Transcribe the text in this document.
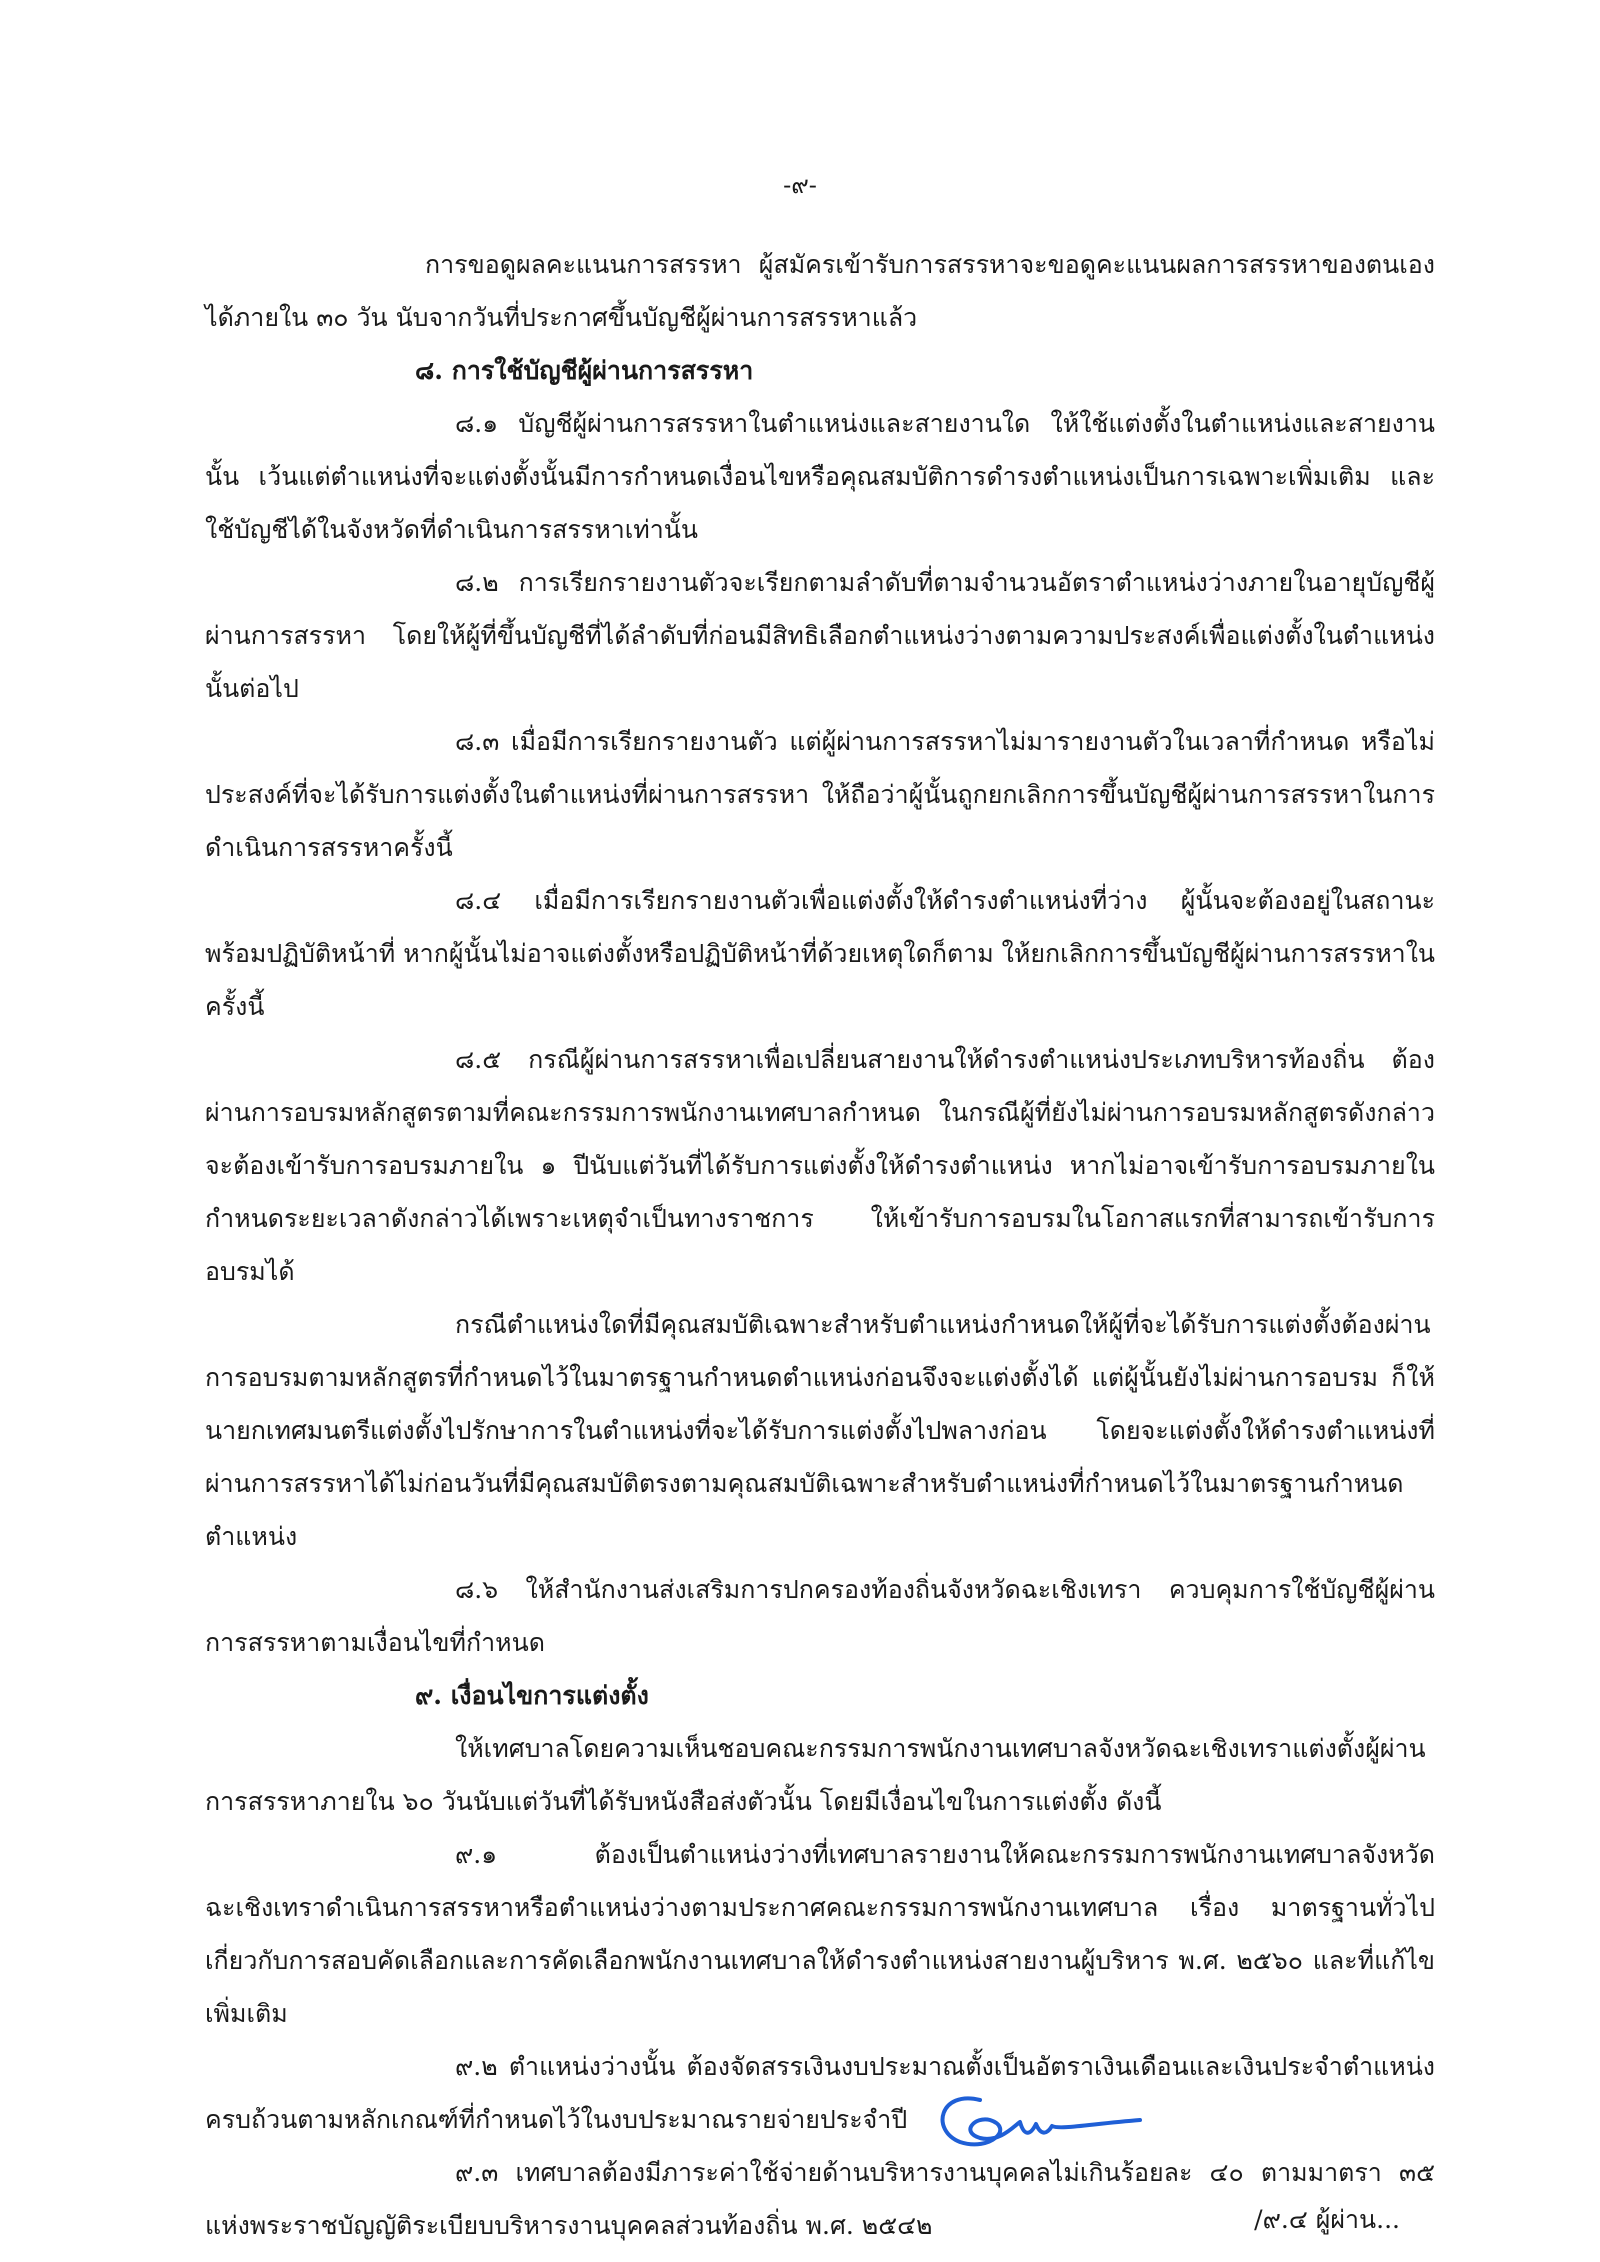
-๙-

การขอดูผลคะแนนการสรรหา ผู้สมัครเข้ารับการสรรหาจะขอดูคะแนนผลการสรรหาของตนเองได้ภายใน ๓๐ วัน นับจากวันที่ประกาศขึ้นบัญชีผู้ผ่านการสรรหาแล้ว

๘. การใช้บัญชีผู้ผ่านการสรรหา

๘.๑ บัญชีผู้ผ่านการสรรหาในตำแหน่งและสายงานใด ให้ใช้แต่งตั้งในตำแหน่งและสายงานนั้น เว้นแต่ตำแหน่งที่จะแต่งตั้งนั้นมีการกำหนดเงื่อนไขหรือคุณสมบัติการดำรงตำแหน่งเป็นการเฉพาะเพิ่มเติม และใช้บัญชีได้ในจังหวัดที่ดำเนินการสรรหาเท่านั้น

๘.๒ การเรียกรายงานตัวจะเรียกตามลำดับที่ตามจำนวนอัตราตำแหน่งว่างภายในอายุบัญชีผู้ผ่านการสรรหา โดยให้ผู้ที่ขึ้นบัญชีที่ได้ลำดับที่ก่อนมีสิทธิเลือกตำแหน่งว่างตามความประสงค์เพื่อแต่งตั้งในตำแหน่งนั้นต่อไป

๘.๓ เมื่อมีการเรียกรายงานตัว แต่ผู้ผ่านการสรรหาไม่มารายงานตัวในเวลาที่กำหนด หรือไม่ประสงค์ที่จะได้รับการแต่งตั้งในตำแหน่งที่ผ่านการสรรหา ให้ถือว่าผู้นั้นถูกยกเลิกการขึ้นบัญชีผู้ผ่านการสรรหาในการดำเนินการสรรหาครั้งนี้

๘.๔ เมื่อมีการเรียกรายงานตัวเพื่อแต่งตั้งให้ดำรงตำแหน่งที่ว่าง ผู้นั้นจะต้องอยู่ในสถานะพร้อมปฏิบัติหน้าที่ หากผู้นั้นไม่อาจแต่งตั้งหรือปฏิบัติหน้าที่ด้วยเหตุใดก็ตาม ให้ยกเลิกการขึ้นบัญชีผู้ผ่านการสรรหาในครั้งนี้

๘.๕ กรณีผู้ผ่านการสรรหาเพื่อเปลี่ยนสายงานให้ดำรงตำแหน่งประเภทบริหารท้องถิ่น ต้องผ่านการอบรมหลักสูตรตามที่คณะกรรมการพนักงานเทศบาลกำหนด ในกรณีผู้ที่ยังไม่ผ่านการอบรมหลักสูตรดังกล่าวจะต้องเข้ารับการอบรมภายใน ๑ ปีนับแต่วันที่ได้รับการแต่งตั้งให้ดำรงตำแหน่ง หากไม่อาจเข้ารับการอบรมภายในกำหนดระยะเวลาดังกล่าวได้เพราะเหตุจำเป็นทางราชการ ให้เข้ารับการอบรมในโอกาสแรกที่สามารถเข้ารับการอบรมได้

กรณีตำแหน่งใดที่มีคุณสมบัติเฉพาะสำหรับตำแหน่งกำหนดให้ผู้ที่จะได้รับการแต่งตั้งต้องผ่านการอบรมตามหลักสูตรที่กำหนดไว้ในมาตรฐานกำหนดตำแหน่งก่อนจึงจะแต่งตั้งได้ แต่ผู้นั้นยังไม่ผ่านการอบรม ก็ให้นายกเทศมนตรีแต่งตั้งไปรักษาการในตำแหน่งที่จะได้รับการแต่งตั้งไปพลางก่อน โดยจะแต่งตั้งให้ดำรงตำแหน่งที่ผ่านการสรรหาได้ไม่ก่อนวันที่มีคุณสมบัติตรงตามคุณสมบัติเฉพาะสำหรับตำแหน่งที่กำหนดไว้ในมาตรฐานกำหนดตำแหน่ง

๘.๖ ให้สำนักงานส่งเสริมการปกครองท้องถิ่นจังหวัดฉะเชิงเทรา ควบคุมการใช้บัญชีผู้ผ่านการสรรหาตามเงื่อนไขที่กำหนด

๙. เงื่อนไขการแต่งตั้ง

ให้เทศบาลโดยความเห็นชอบคณะกรรมการพนักงานเทศบาลจังหวัดฉะเชิงเทราแต่งตั้งผู้ผ่านการสรรหาภายใน ๖๐ วันนับแต่วันที่ได้รับหนังสือส่งตัวนั้น โดยมีเงื่อนไขในการแต่งตั้ง ดังนี้

๙.๑ ต้องเป็นตำแหน่งว่างที่เทศบาลรายงานให้คณะกรรมการพนักงานเทศบาลจังหวัดฉะเชิงเทราดำเนินการสรรหาหรือตำแหน่งว่างตามประกาศคณะกรรมการพนักงานเทศบาล เรื่อง มาตรฐานทั่วไปเกี่ยวกับการสอบคัดเลือกและการคัดเลือกพนักงานเทศบาลให้ดำรงตำแหน่งสายงานผู้บริหาร พ.ศ. ๒๕๖๐ และที่แก้ไขเพิ่มเติม

๙.๒ ตำแหน่งว่างนั้น ต้องจัดสรรเงินงบประมาณตั้งเป็นอัตราเงินเดือนและเงินประจำตำแหน่งครบถ้วนตามหลักเกณฑ์ที่กำหนดไว้ในงบประมาณรายจ่ายประจำปี

๙.๓ เทศบาลต้องมีภาระค่าใช้จ่ายด้านบริหารงานบุคคลไม่เกินร้อยละ ๔๐ ตามมาตรา ๓๕ แห่งพระราชบัญญัติระเบียบบริหารงานบุคคลส่วนท้องถิ่น พ.ศ. ๒๕๔๒	/๙.๔ ผู้ผ่าน...
